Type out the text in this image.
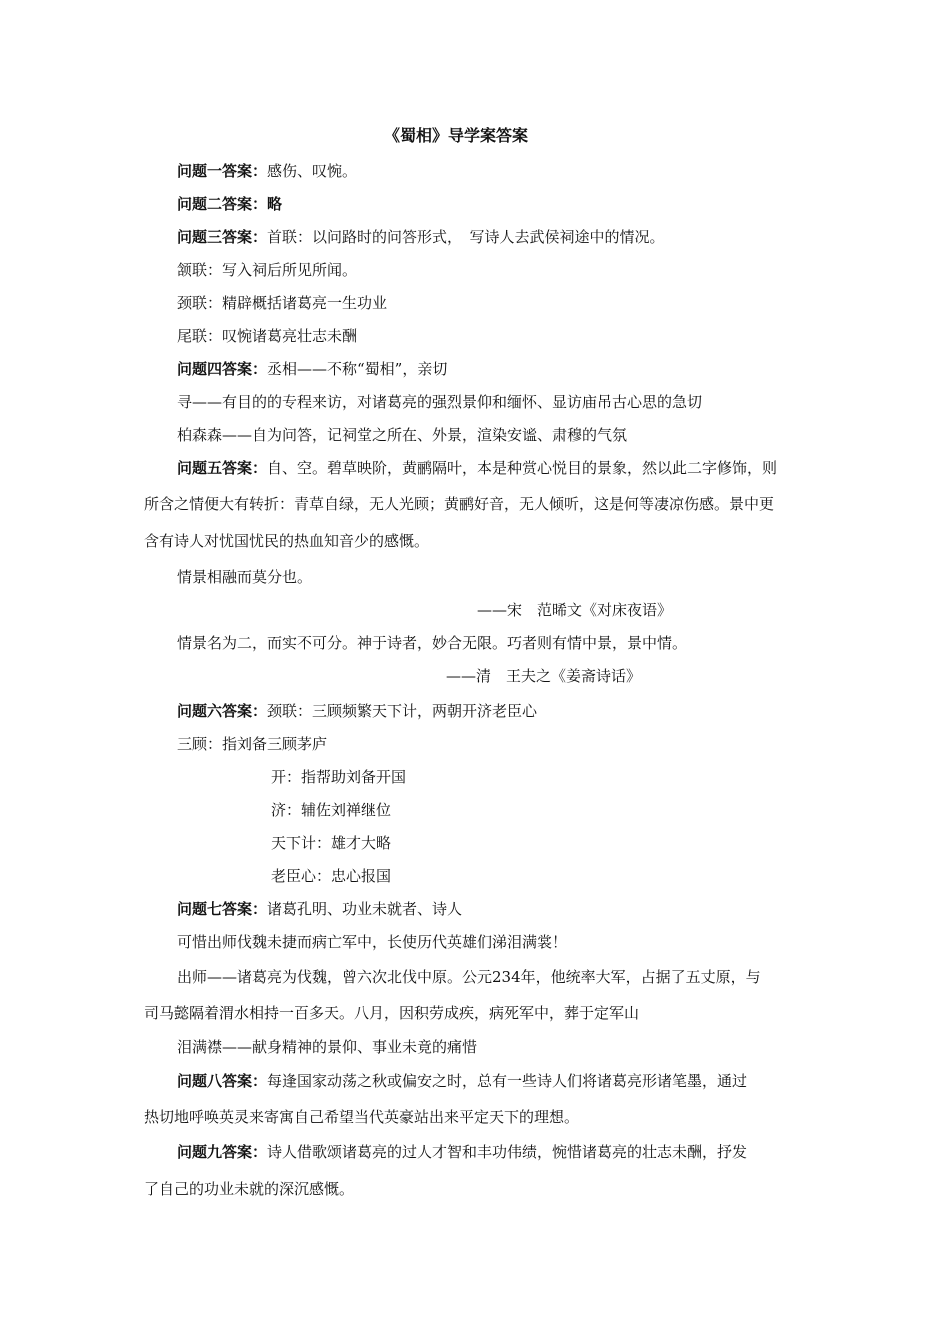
《蜀相》导学案答案
问题一答案：感伤、叹惋。
问题二答案：略
问题三答案：首联：以问路时的问答形式，　写诗人去武侯祠途中的情况。
颔联：写入祠后所见所闻。
颈联：精辟概括诸葛亮一生功业
尾联：叹惋诸葛亮壮志未酬
问题四答案：丞相——不称“蜀相”，亲切
寻——有目的的专程来访，对诸葛亮的强烈景仰和缅怀、显访庙吊古心思的急切
柏森森——自为问答，记祠堂之所在、外景，渲染安谧、肃穆的气氛
问题五答案：自、空。碧草映阶，黄鹂隔叶，本是种赏心悦目的景象，然以此二字修饰，则
所含之情便大有转折：青草自绿，无人光顾；黄鹂好音，无人倾听，这是何等凄凉伤感。景中更
含有诗人对忧国忧民的热血知音少的感慨。
情景相融而莫分也。
——宋　范晞文《对床夜语》
情景名为二，而实不可分。神于诗者，妙合无限。巧者则有情中景，景中情。
——清　王夫之《姜斋诗话》
问题六答案：颈联：三顾频繁天下计，两朝开济老臣心
三顾：指刘备三顾茅庐
开：指帮助刘备开国
济：辅佐刘禅继位
天下计：雄才大略
老臣心：忠心报国
问题七答案：诸葛孔明、功业未就者、诗人
可惜出师伐魏未捷而病亡军中，长使历代英雄们涕泪满裳！
出师——诸葛亮为伐魏，曾六次北伐中原。公元234年，他统率大军，占据了五丈原，与
司马懿隔着渭水相持一百多天。八月，因积劳成疾，病死军中，葬于定军山
泪满襟——献身精神的景仰、事业未竟的痛惜
问题八答案：每逢国家动荡之秋或偏安之时，总有一些诗人们将诸葛亮形诸笔墨，通过
热切地呼唤英灵来寄寓自己希望当代英豪站出来平定天下的理想。
问题九答案：诗人借歌颂诸葛亮的过人才智和丰功伟绩，惋惜诸葛亮的壮志未酬，抒发
了自己的功业未就的深沉感慨。
